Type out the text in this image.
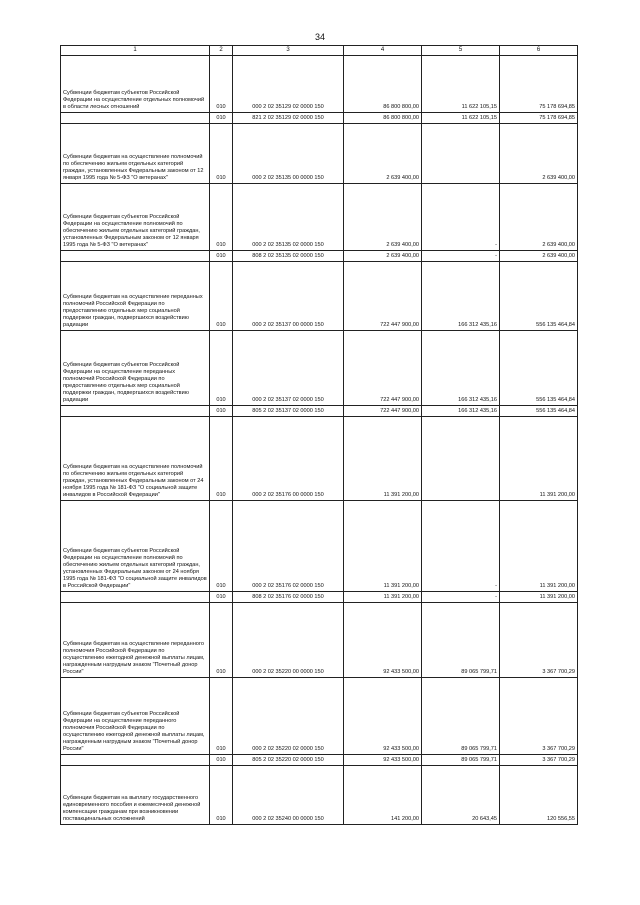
34
1	2	3	4	5	6
Субвенции бюджетам субъектов Российской Федерации на осуществление отдельных полномочий в области лесных отношений	010	000 2 02 35129 02 0000 150	86 800 800,00	11 622 105,15	75 178 694,85
	010	821 2 02 35129 02 0000 150	86 800 800,00	11 622 105,15	75 178 694,85
Субвенции бюджетам на осуществление полномочий по обеспечению жильем отдельных категорий граждан, установленных Федеральным законом от 12 января 1995 года № 5-ФЗ "О ветеранах"	010	000 2 02 35135 00 0000 150	2 639 400,00		2 639 400,00
Субвенции бюджетам субъектов Российской Федерации на осуществление полномочий по обеспечению жильем отдельных категорий граждан, установленных Федеральным законом от 12 января 1995 года № 5-ФЗ "О ветеранах"	010	000 2 02 35135 02 0000 150	2 639 400,00	-	2 639 400,00
	010	808 2 02 35135 02 0000 150	2 639 400,00	-	2 639 400,00
Субвенции бюджетам на осуществление переданных полномочий Российской Федерации по предоставлению отдельных мер социальной поддержки граждан, подвергшихся воздействию радиации	010	000 2 02 35137 00 0000 150	722 447 900,00	166 312 435,16	556 135 464,84
Субвенции бюджетам субъектов Российской Федерации на осуществление переданных полномочий Российской Федерации по предоставлению отдельных мер социальной поддержки граждан, подвергшихся воздействию радиации	010	000 2 02 35137 02 0000 150	722 447 900,00	166 312 435,16	556 135 464,84
	010	805 2 02 35137 02 0000 150	722 447 900,00	166 312 435,16	556 135 464,84
Субвенции бюджетам на осуществление полномочий по обеспечению жильем отдельных категорий граждан, установленных Федеральным законом от 24 ноября 1995 года № 181-ФЗ "О социальной защите инвалидов в Российской Федерации"	010	000 2 02 35176 00 0000 150	11 391 200,00		11 391 200,00
Субвенции бюджетам субъектов Российской Федерации на осуществление полномочий по обеспечению жильем отдельных категорий граждан, установленных Федеральным законом от 24 ноября 1995 года № 181-ФЗ "О социальной защите инвалидов в Российской Федерации"	010	000 2 02 35176 02 0000 150	11 391 200,00	-	11 391 200,00
	010	808 2 02 35176 02 0000 150	11 391 200,00	-	11 391 200,00
Субвенции бюджетам на осуществление переданного полномочия Российской Федерации по осуществлению ежегодной денежной выплаты лицам, награжденным нагрудным знаком "Почетный донор России"	010	000 2 02 35220 00 0000 150	92 433 500,00	89 065 799,71	3 367 700,29
Субвенции бюджетам субъектов Российской Федерации на осуществление переданного полномочия Российской Федерации по осуществлению ежегодной денежной выплаты лицам, награжденным нагрудным знаком "Почетный донор России"	010	000 2 02 35220 02 0000 150	92 433 500,00	89 065 799,71	3 367 700,29
	010	805 2 02 35220 02 0000 150	92 433 500,00	89 065 799,71	3 367 700,29
Субвенции бюджетам на выплату государственного единовременного пособия и ежемесячной денежной компенсации гражданам при возникновении поствакцинальных осложнений	010	000 2 02 35240 00 0000 150	141 200,00	20 643,45	120 556,55
